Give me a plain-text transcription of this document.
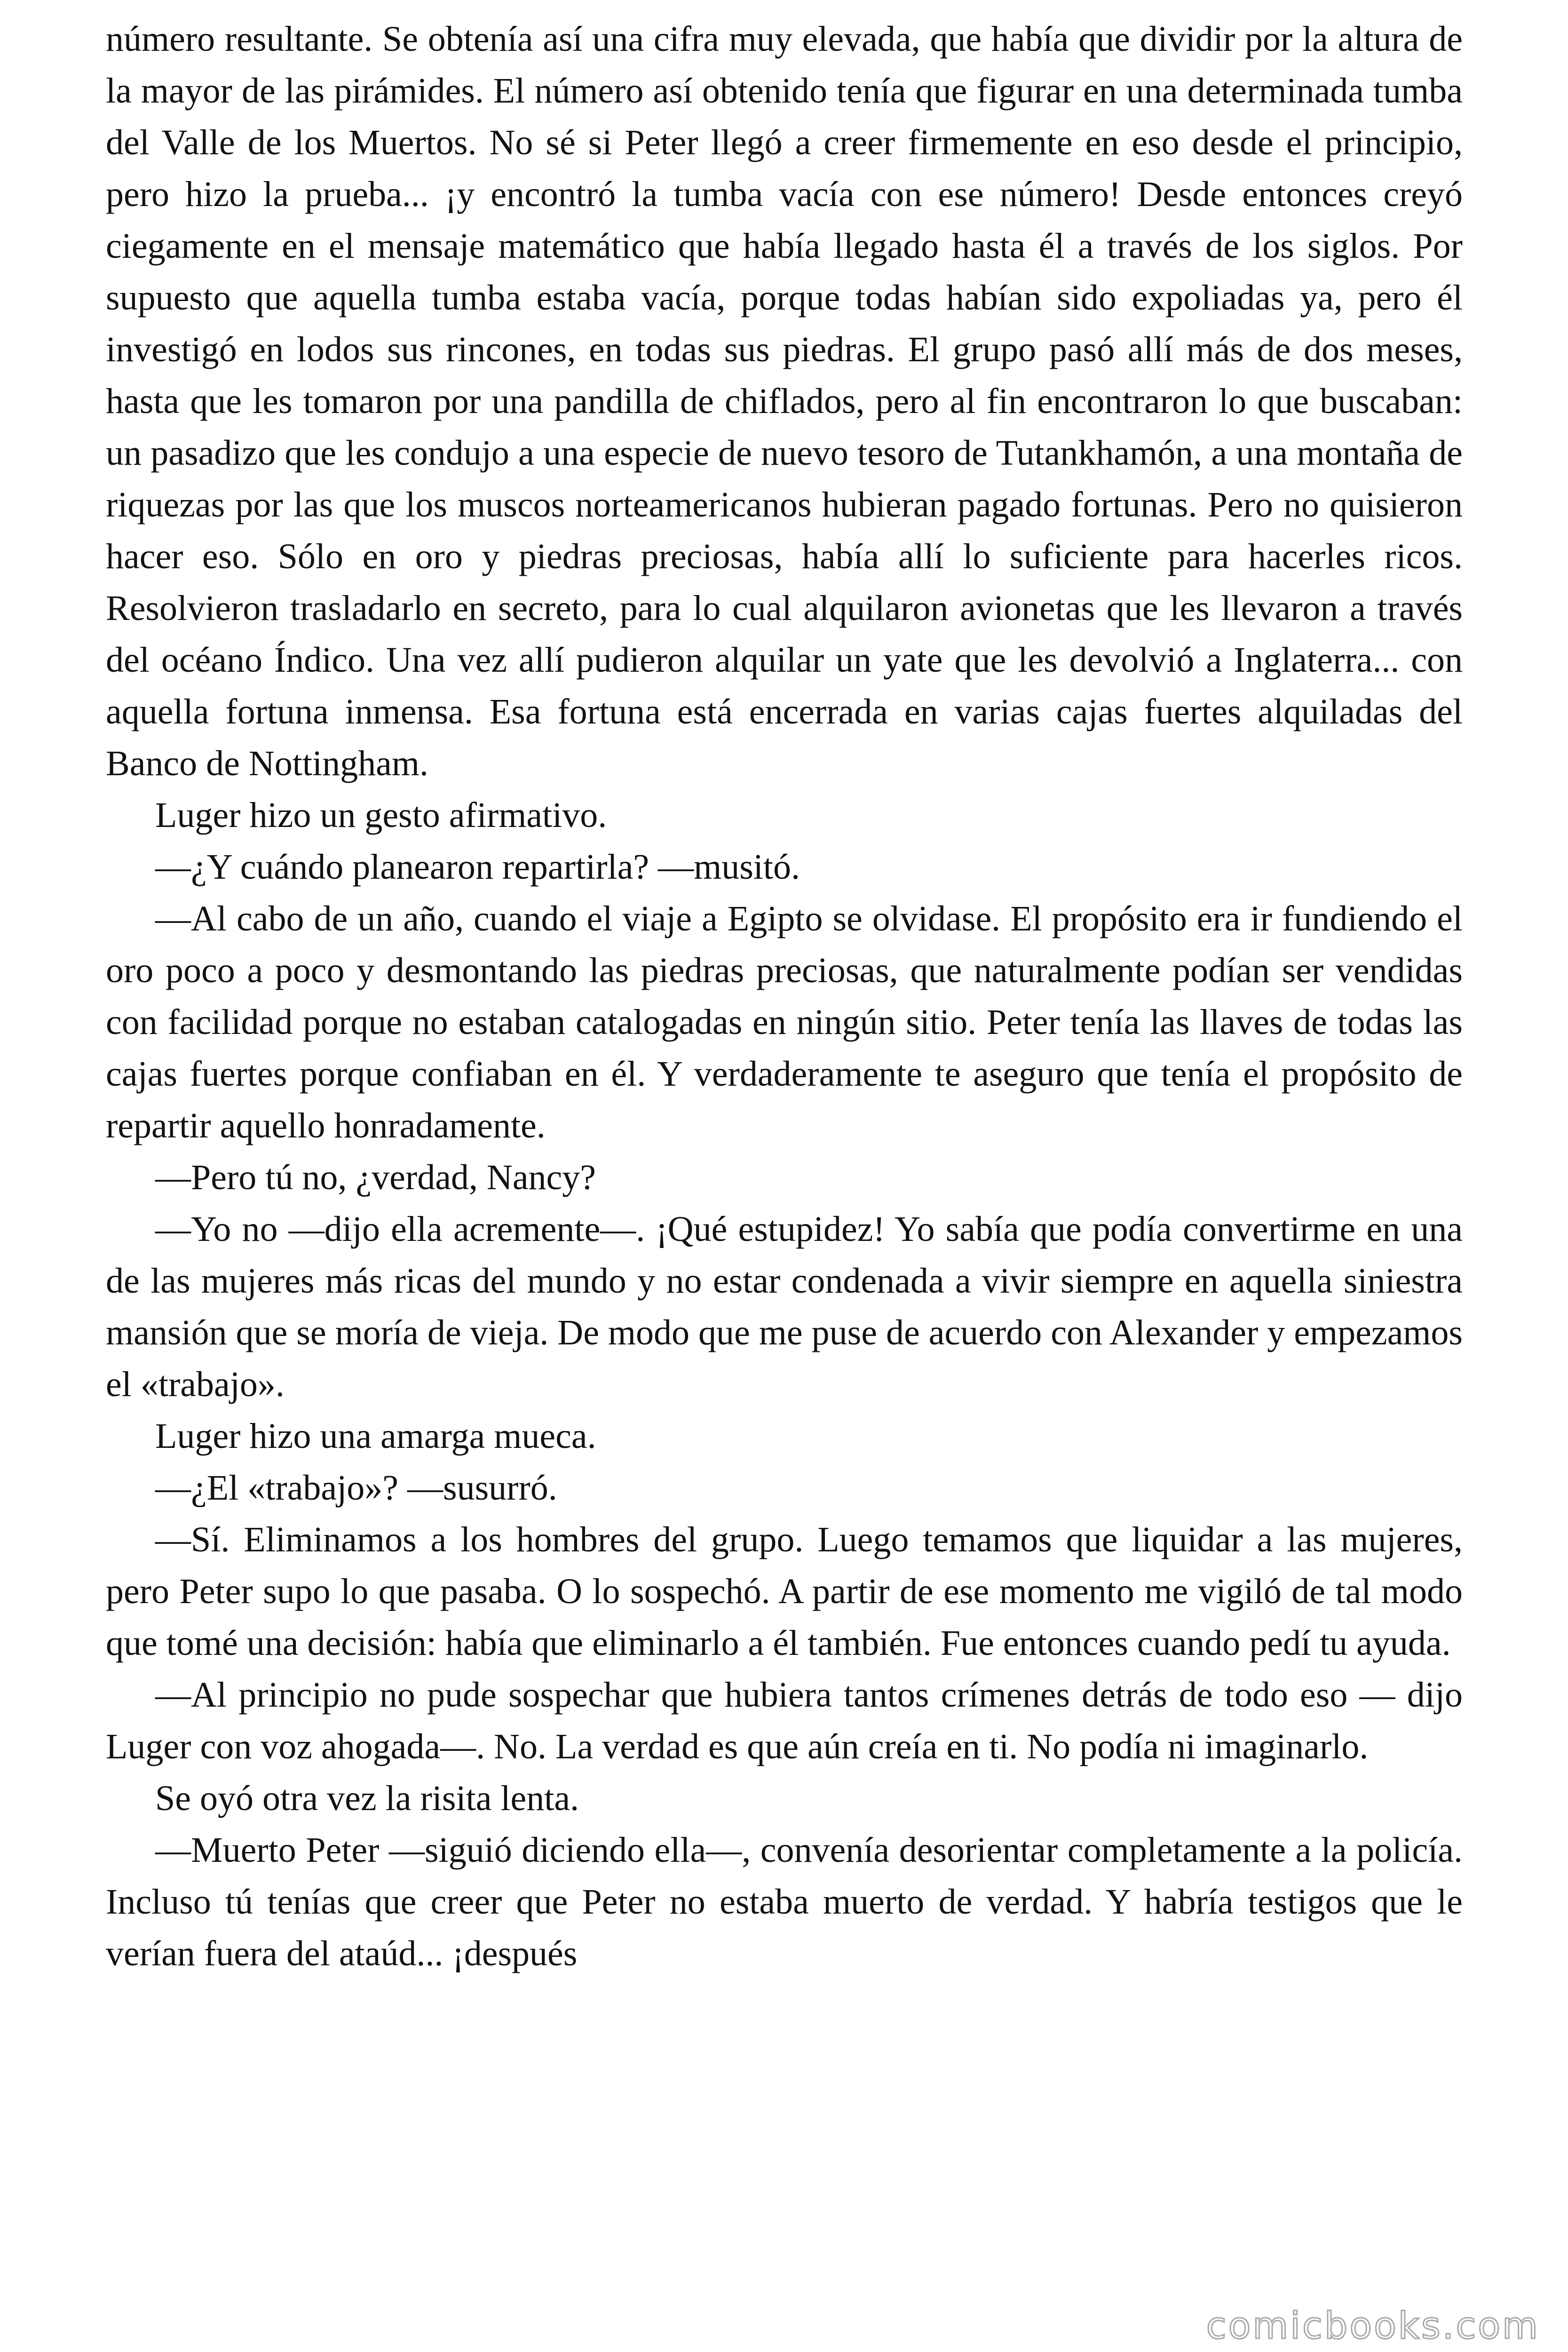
número resultante. Se obtenía así una cifra muy elevada, que había que dividir por la altura de la mayor de las pirámides. El número así obtenido tenía que figurar en una determinada tumba del Valle de los Muertos. No sé si Peter llegó a creer firmemente en eso desde el principio, pero hizo la prueba... ¡y encontró la tumba vacía con ese número! Desde entonces creyó ciegamente en el mensaje matemático que había llegado hasta él a través de los siglos. Por supuesto que aquella tumba estaba vacía, porque todas habían sido expoliadas ya, pero él investigó en lodos sus rincones, en todas sus piedras. El grupo pasó allí más de dos meses, hasta que les tomaron por una pandilla de chiflados, pero al fin encontraron lo que buscaban: un pasadizo que les condujo a una especie de nuevo tesoro de Tutankhamón, a una montaña de riquezas por las que los muscos norteamericanos hubieran pagado fortunas. Pero no quisieron hacer eso. Sólo en oro y piedras preciosas, había allí lo suficiente para hacerles ricos. Resolvieron trasladarlo en secreto, para lo cual alquilaron avionetas que les llevaron a través del océano Índico. Una vez allí pudieron alquilar un yate que les devolvió a Inglaterra... con aquella fortuna inmensa. Esa fortuna está encerrada en varias cajas fuertes alquiladas del Banco de Nottingham.

Luger hizo un gesto afirmativo.

—¿Y cuándo planearon repartirla? —musitó.

—Al cabo de un año, cuando el viaje a Egipto se olvidase. El propósito era ir fundiendo el oro poco a poco y desmontando las piedras preciosas, que naturalmente podían ser vendidas con facilidad porque no estaban catalogadas en ningún sitio. Peter tenía las llaves de todas las cajas fuertes porque confiaban en él. Y verdaderamente te aseguro que tenía el propósito de repartir aquello honradamente.

—Pero tú no, ¿verdad, Nancy?

—Yo no —dijo ella acremente—. ¡Qué estupidez! Yo sabía que podía convertirme en una de las mujeres más ricas del mundo y no estar condenada a vivir siempre en aquella siniestra mansión que se moría de vieja. De modo que me puse de acuerdo con Alexander y empezamos el «trabajo».

Luger hizo una amarga mueca.

—¿El «trabajo»? —susurró.

—Sí. Eliminamos a los hombres del grupo. Luego temamos que liquidar a las mujeres, pero Peter supo lo que pasaba. O lo sospechó. A partir de ese momento me vigiló de tal modo que tomé una decisión: había que eliminarlo a él también. Fue entonces cuando pedí tu ayuda.

—Al principio no pude sospechar que hubiera tantos crímenes detrás de todo eso — dijo Luger con voz ahogada—. No. La verdad es que aún creía en ti. No podía ni imaginarlo.

Se oyó otra vez la risita lenta.

—Muerto Peter —siguió diciendo ella—, convenía desorientar completamente a la policía. Incluso tú tenías que creer que Peter no estaba muerto de verdad. Y habría testigos que le verían fuera del ataúd... ¡después

comicbooks.com
